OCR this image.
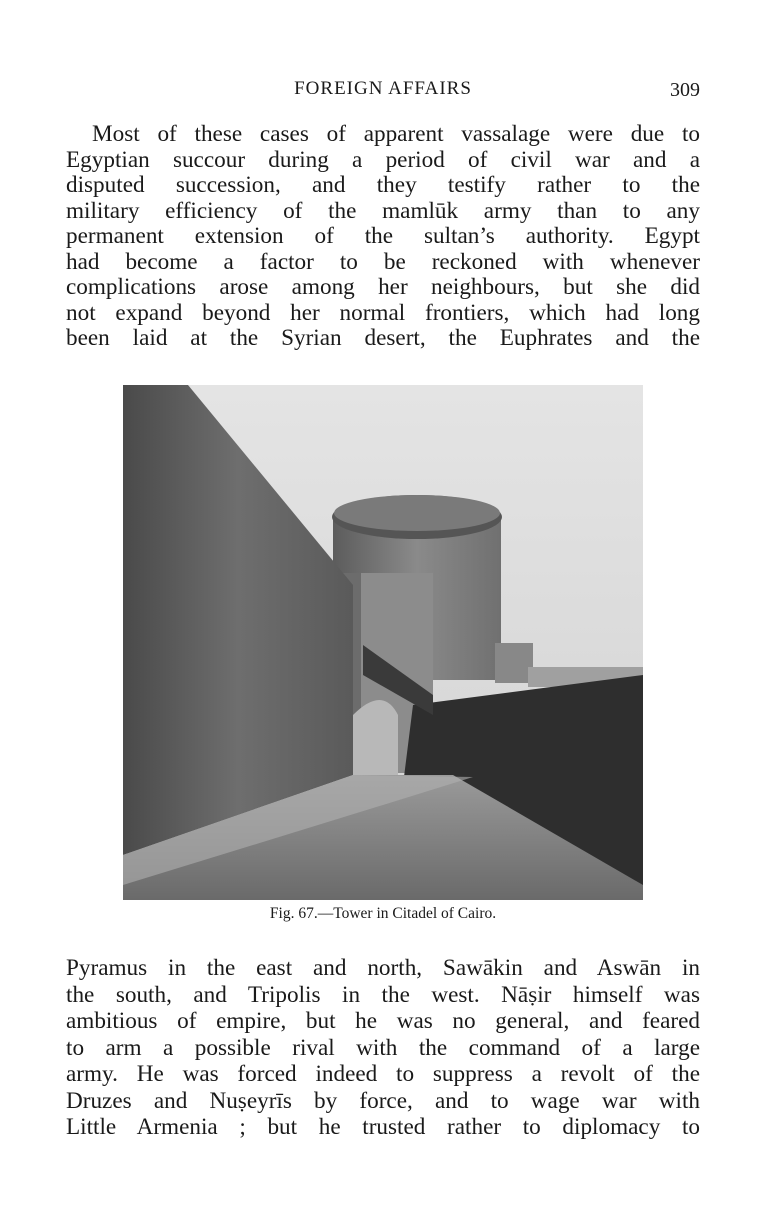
FOREIGN AFFAIRS	309
Most of these cases of apparent vassalage were due to
Egyptian succour during a period of civil war and a
disputed succession, and they testify rather to the
military efficiency of the mamlūk army than to any
permanent extension of the sultan’s authority. Egypt
had become a factor to be reckoned with whenever
complications arose among her neighbours, but she did
not expand beyond her normal frontiers, which had long
been laid at the Syrian desert, the Euphrates and the
Fig. 67.—Tower in Citadel of Cairo.
Pyramus in the east and north, Sawākin and Aswān in
the south, and Tripolis in the west. Nāṣir himself was
ambitious of empire, but he was no general, and feared
to arm a possible rival with the command of a large
army. He was forced indeed to suppress a revolt of the
Druzes and Nuṣeyrīs by force, and to wage war with
Little Armenia ; but he trusted rather to diplomacy to
